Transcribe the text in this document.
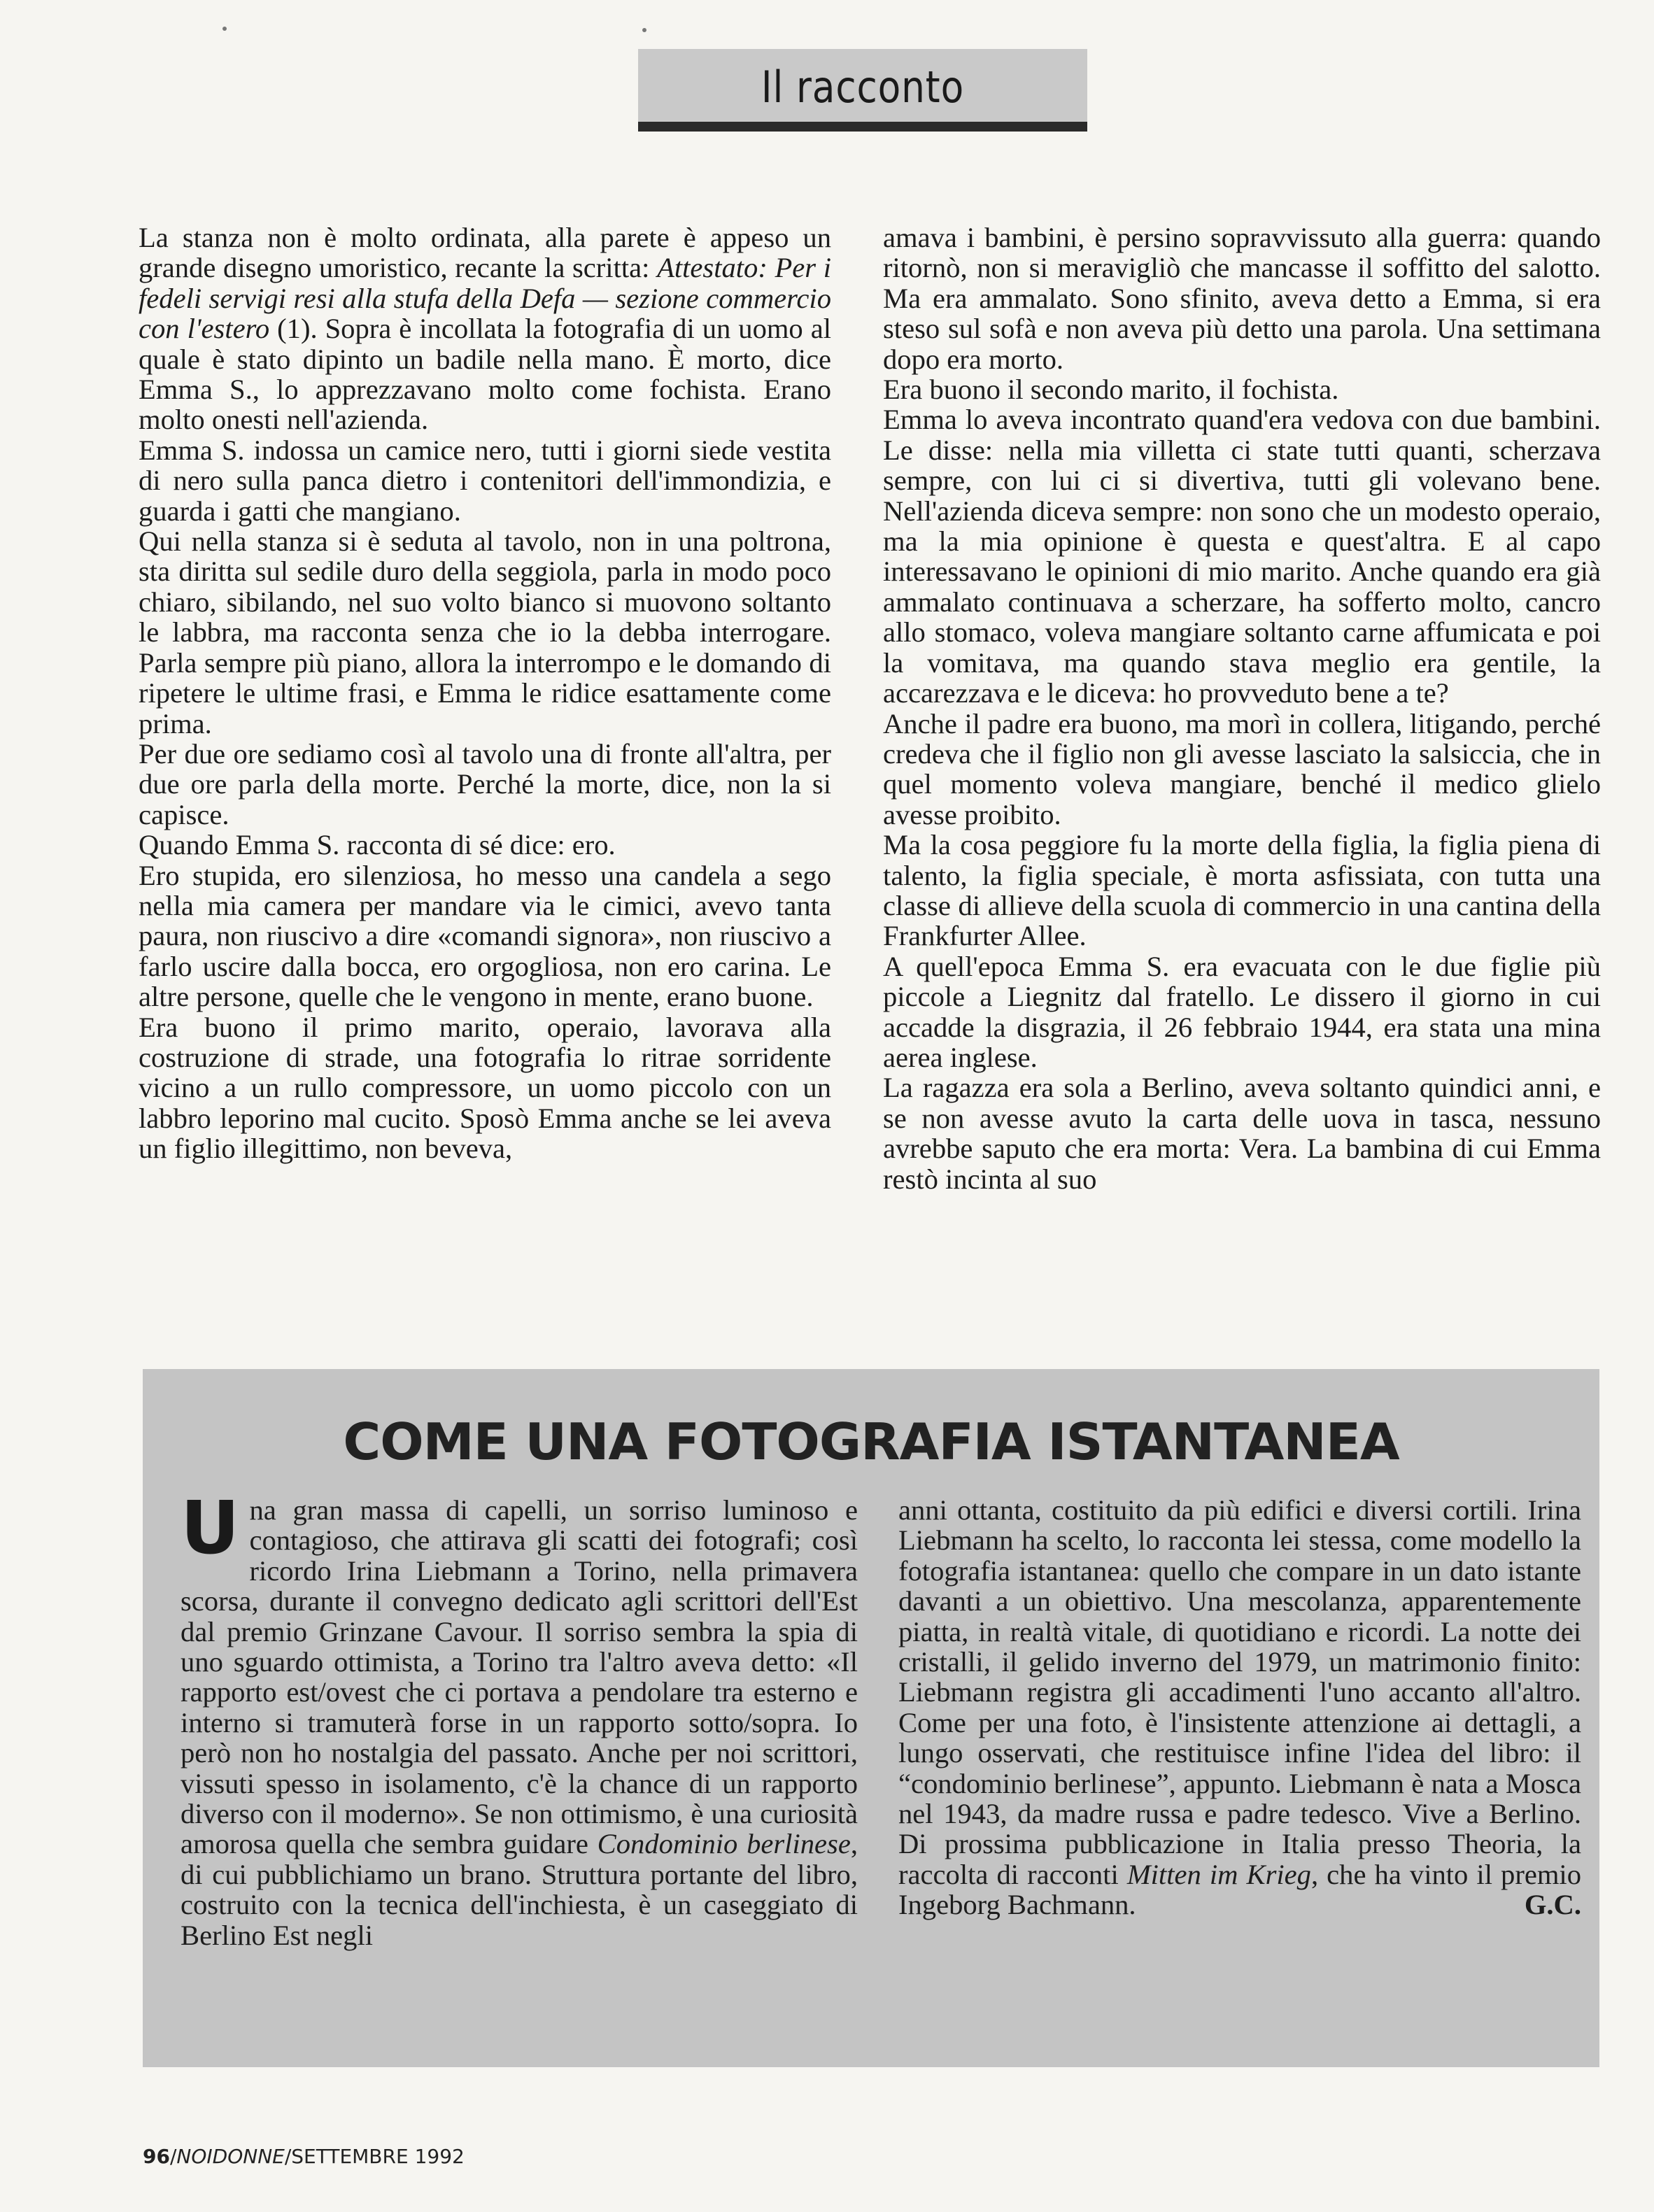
Il racconto

La stanza non è molto ordinata, alla parete è appeso un grande disegno umoristico, recante la scritta: Attestato: Per i fedeli servigi resi alla stufa della Defa — sezione commercio con l'estero (1). Sopra è incollata la fotografia di un uomo al quale è stato dipinto un badile nella mano. È morto, dice Emma S., lo apprezzavano molto come fochista. Erano molto onesti nell'azienda.

Emma S. indossa un camice nero, tutti i giorni siede vestita di nero sulla panca dietro i contenitori dell'immondizia, e guarda i gatti che mangiano.

Qui nella stanza si è seduta al tavolo, non in una poltrona, sta diritta sul sedile duro della seggiola, parla in modo poco chiaro, sibilando, nel suo volto bianco si muovono soltanto le labbra, ma racconta senza che io la debba interrogare. Parla sempre più piano, allora la interrompo e le domando di ripetere le ultime frasi, e Emma le ridice esattamente come prima.

Per due ore sediamo così al tavolo una di fronte all'altra, per due ore parla della morte. Perché la morte, dice, non la si capisce.

Quando Emma S. racconta di sé dice: ero.

Ero stupida, ero silenziosa, ho messo una candela a sego nella mia camera per mandare via le cimici, avevo tanta paura, non riuscivo a dire «comandi signora», non riuscivo a farlo uscire dalla bocca, ero orgogliosa, non ero carina. Le altre persone, quelle che le vengono in mente, erano buone.

Era buono il primo marito, operaio, lavorava alla costruzione di strade, una fotografia lo ritrae sorridente vicino a un rullo compressore, un uomo piccolo con un labbro leporino mal cucito. Sposò Emma anche se lei aveva un figlio illegittimo, non beveva,

amava i bambini, è persino sopravvissuto alla guerra: quando ritornò, non si meravigliò che mancasse il soffitto del salotto. Ma era ammalato. Sono sfinito, aveva detto a Emma, si era steso sul sofà e non aveva più detto una parola. Una settimana dopo era morto.

Era buono il secondo marito, il fochista.

Emma lo aveva incontrato quand'era vedova con due bambini. Le disse: nella mia villetta ci state tutti quanti, scherzava sempre, con lui ci si divertiva, tutti gli volevano bene. Nell'azienda diceva sempre: non sono che un modesto operaio, ma la mia opinione è questa e quest'altra. E al capo interessavano le opinioni di mio marito. Anche quando era già ammalato continuava a scherzare, ha sofferto molto, cancro allo stomaco, voleva mangiare soltanto carne affumicata e poi la vomitava, ma quando stava meglio era gentile, la accarezzava e le diceva: ho provveduto bene a te?

Anche il padre era buono, ma morì in collera, litigando, perché credeva che il figlio non gli avesse lasciato la salsiccia, che in quel momento voleva mangiare, benché il medico glielo avesse proibito.

Ma la cosa peggiore fu la morte della figlia, la figlia piena di talento, la figlia speciale, è morta asfissiata, con tutta una classe di allieve della scuola di commercio in una cantina della Frankfurter Allee.

A quell'epoca Emma S. era evacuata con le due figlie più piccole a Liegnitz dal fratello. Le dissero il giorno in cui accadde la disgrazia, il 26 febbraio 1944, era stata una mina aerea inglese.

La ragazza era sola a Berlino, aveva soltanto quindici anni, e se non avesse avuto la carta delle uova in tasca, nessuno avrebbe saputo che era morta: Vera. La bambina di cui Emma restò incinta al suo

COME UNA FOTOGRAFIA ISTANTANEA

Una gran massa di capelli, un sorriso luminoso e contagioso, che attirava gli scatti dei fotografi; così ricordo Irina Liebmann a Torino, nella primavera scorsa, durante il convegno dedicato agli scrittori dell'Est dal premio Grinzane Cavour. Il sorriso sembra la spia di uno sguardo ottimista, a Torino tra l'altro aveva detto: «Il rapporto est/ovest che ci portava a pendolare tra esterno e interno si tramuterà forse in un rapporto sotto/sopra. Io però non ho nostalgia del passato. Anche per noi scrittori, vissuti spesso in isolamento, c'è la chance di un rapporto diverso con il moderno». Se non ottimismo, è una curiosità amorosa quella che sembra guidare Condominio berlinese, di cui pubblichiamo un brano. Struttura portante del libro, costruito con la tecnica dell'inchiesta, è un caseggiato di Berlino Est negli

anni ottanta, costituito da più edifici e diversi cortili. Irina Liebmann ha scelto, lo racconta lei stessa, come modello la fotografia istantanea: quello che compare in un dato istante davanti a un obiettivo. Una mescolanza, apparentemente piatta, in realtà vitale, di quotidiano e ricordi. La notte dei cristalli, il gelido inverno del 1979, un matrimonio finito: Liebmann registra gli accadimenti l'uno accanto all'altro. Come per una foto, è l'insistente attenzione ai dettagli, a lungo osservati, che restituisce infine l'idea del libro: il “condominio berlinese”, appunto. Liebmann è nata a Mosca nel 1943, da madre russa e padre tedesco. Vive a Berlino. Di prossima pubblicazione in Italia presso Theoria, la raccolta di racconti Mitten im Krieg, che ha vinto il premio Ingeborg Bachmann.	G.C.

96/NOIDONNE/SETTEMBRE 1992
